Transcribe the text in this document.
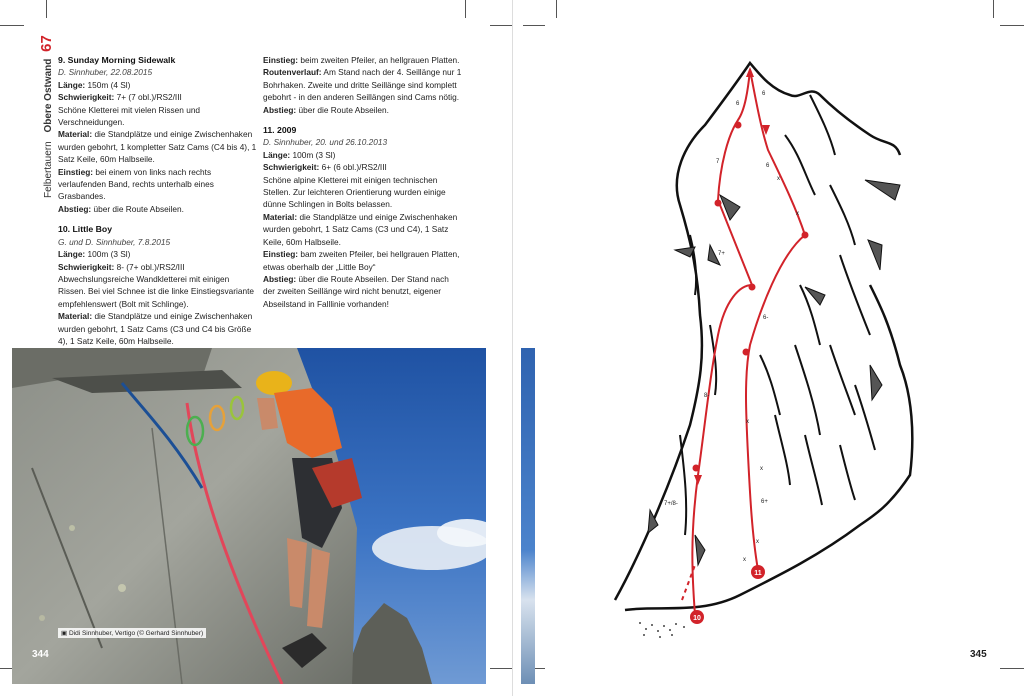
Felbertauern Obere Ostwand 67

9. Sunday Morning Sidewalk

D. Sinnhuber, 22.08.2015

Länge: 150m (4 Sl)

Schwierigkeit: 7+ (7 obl.)/RS2/III

Schöne Kletterei mit vielen Rissen und Verschneidungen.

Material: die Standplätze und einige Zwischenhaken wurden gebohrt, 1 kompletter Satz Cams (C4 bis 4), 1 Satz Keile, 60m Halbseile.

Einstieg: bei einem von links nach rechts verlaufenden Band, rechts unterhalb eines Grasbandes.

Abstieg: über die Route Abseilen.

10. Little Boy

G. und D. Sinnhuber, 7.8.2015

Länge: 100m (3 Sl)

Schwierigkeit: 8- (7+ obl.)/RS2/III

Abwechslungsreiche Wandkletterei mit einigen Rissen. Bei viel Schnee ist die linke Einstiegsvariante empfehlenswert (Bolt mit Schlinge).

Material: die Standplätze und einige Zwischenhaken wurden gebohrt, 1 Satz Cams (C3 und C4 bis Größe 4), 1 Satz Keile, 60m Halbseile.

Einstieg: beim zweiten Pfeiler, an hellgrauen Platten.

Routenverlauf: Am Stand nach der 4. Seillänge nur 1 Bohrhaken. Zweite und dritte Seillänge sind komplett gebohrt - in den anderen Seillängen sind Cams nötig.

Abstieg: über die Route Abseilen.

11. 2009

D. Sinnhuber, 20. und 26.10.2013

Länge: 100m (3 Sl)

Schwierigkeit: 6+ (6 obl.)/RS2/III

Schöne alpine Kletterei mit einigen technischen Stellen. Zur leichteren Orientierung wurden einige dünne Schlingen in Bolts belassen.

Material: die Standplätze und einige Zwischenhaken wurden gebohrt, 1 Satz Cams (C3 und C4), 1 Satz Keile, 60m Halbseile.

Einstieg: bam zweiten Pfeiler, bei hellgrauen Platten, etwas oberhalb der „Little Boy“

Abstieg: über die Route Abseilen. Der Stand nach der zweiten Seillänge wird nicht benutzt, eigener Abseilstand in Falllinie vorhanden!

▣ Didi Sinnhuber, Vertigo (© Gerhard Sinnhuber)
344
10
11
6
6
6
7
7+
6-
8-
7+/8-	6+
x
x
x
x
x
x
345
